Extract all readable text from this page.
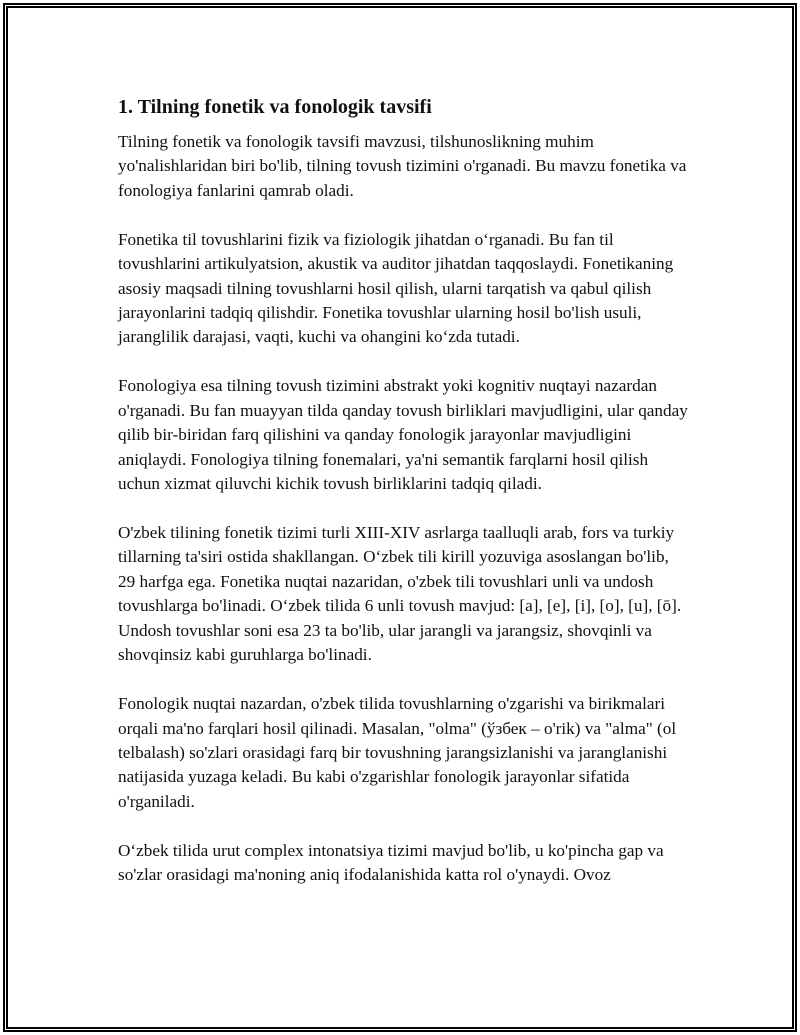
1. Tilning fonetik va fonologik tavsifi

Tilning fonetik va fonologik tavsifi mavzusi, tilshunoslikning muhim yo'nalishlaridan biri bo'lib, tilning tovush tizimini o'rganadi. Bu mavzu fonetika va fonologiya fanlarini qamrab oladi.

Fonetika til tovushlarini fizik va fiziologik jihatdan o‘rganadi. Bu fan til tovushlarini artikulyatsion, akustik va auditor jihatdan taqqoslaydi. Fonetikaning asosiy maqsadi tilning tovushlarni hosil qilish, ularni tarqatish va qabul qilish jarayonlarini tadqiq qilishdir. Fonetika tovushlar ularning hosil bo'lish usuli, jaranglilik darajasi, vaqti, kuchi va ohangini ko‘zda tutadi.

Fonologiya esa tilning tovush tizimini abstrakt yoki kognitiv nuqtayi nazardan o'rganadi. Bu fan muayyan tilda qanday tovush birliklari mavjudligini, ular qanday qilib bir-biridan farq qilishini va qanday fonologik jarayonlar mavjudligini aniqlaydi. Fonologiya tilning fonemalari, ya'ni semantik farqlarni hosil qilish uchun xizmat qiluvchi kichik tovush birliklarini tadqiq qiladi.

O'zbek tilining fonetik tizimi turli XIII-XIV asrlarga taalluqli arab, fors va turkiy tillarning ta'siri ostida shakllangan. O‘zbek tili kirill yozuviga asoslangan bo'lib, 29 harfga ega. Fonetika nuqtai nazaridan, o'zbek tili tovushlari unli va undosh tovushlarga bo'linadi. O‘zbek tilida 6 unli tovush mavjud: [a], [e], [i], [o], [u], [ō]. Undosh tovushlar soni esa 23 ta bo'lib, ular jarangli va jarangsiz, shovqinli va shovqinsiz kabi guruhlarga bo'linadi.

Fonologik nuqtai nazardan, o'zbek tilida tovushlarning o'zgarishi va birikmalari orqali ma'no farqlari hosil qilinadi. Masalan, "olma" (ўзбек – o'rik) va "alma" (ol telbalash) so'zlari orasidagi farq bir tovushning jarangsizlanishi va jaranglanishi natijasida yuzaga keladi. Bu kabi o'zgarishlar fonologik jarayonlar sifatida o'rganiladi.

O‘zbek tilida urut complex intonatsiya tizimi mavjud bo'lib, u ko'pincha gap va so'zlar orasidagi ma'noning aniq ifodalanishida katta rol o'ynaydi. Ovoz
